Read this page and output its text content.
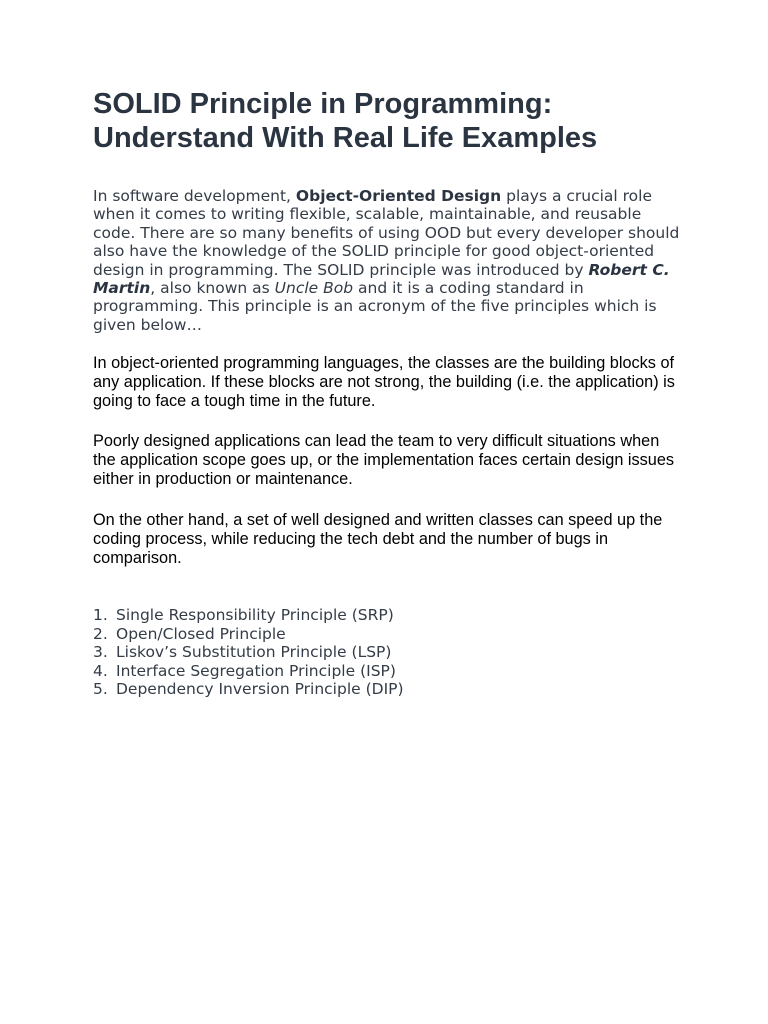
SOLID Principle in Programming: Understand With Real Life Examples

In software development, Object-Oriented Design plays a crucial role when it comes to writing flexible, scalable, maintainable, and reusable code. There are so many benefits of using OOD but every developer should also have the knowledge of the SOLID principle for good object-oriented design in programming. The SOLID principle was introduced by Robert C. Martin, also known as Uncle Bob and it is a coding standard in programming. This principle is an acronym of the five principles which is given below…

In object-oriented programming languages, the classes are the building blocks of any application. If these blocks are not strong, the building (i.e. the application) is going to face a tough time in the future.

Poorly designed applications can lead the team to very difficult situations when the application scope goes up, or the implementation faces certain design issues either in production or maintenance.

On the other hand, a set of well designed and written classes can speed up the coding process, while reducing the tech debt and the number of bugs in comparison.

1. Single Responsibility Principle (SRP)
2. Open/Closed Principle
3. Liskov’s Substitution Principle (LSP)
4. Interface Segregation Principle (ISP)
5. Dependency Inversion Principle (DIP)
